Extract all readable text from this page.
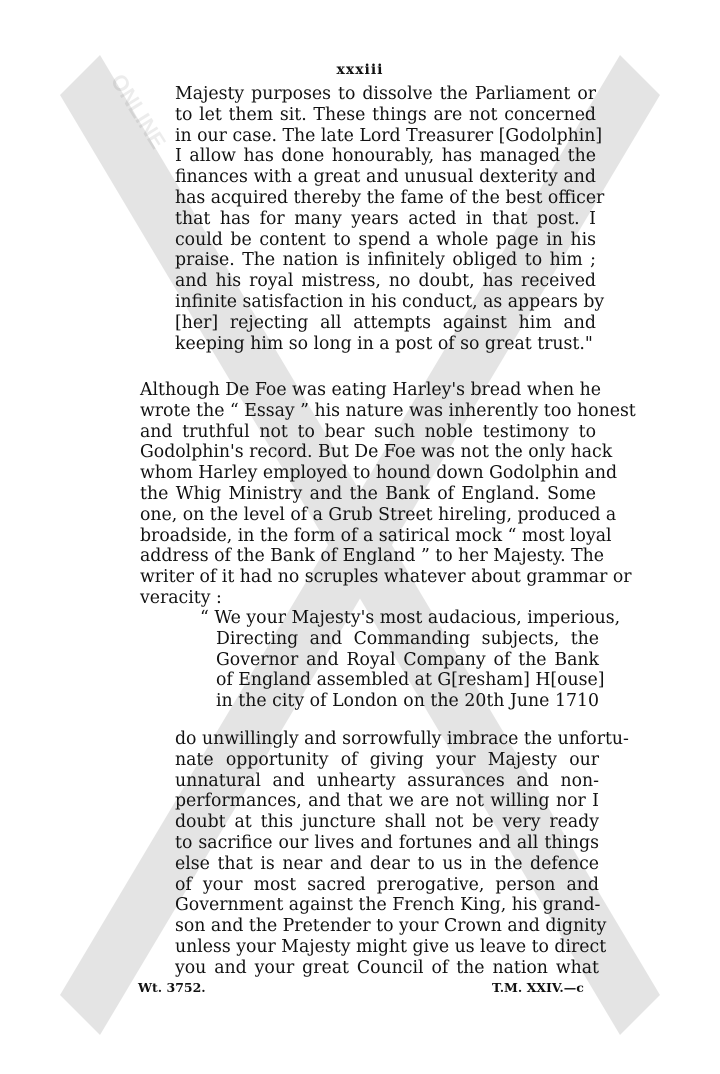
ONLINE	xxxiii
Majesty purposes to dissolve the Parliament or
to let them sit. These things are not concerned
in our case. The late Lord Treasurer [Godolphin]
I allow has done honourably, has managed the
finances with a great and unusual dexterity and
has acquired thereby the fame of the best officer
that has for many years acted in that post. I
could be content to spend a whole page in his
praise. The nation is infinitely obliged to him ;
and his royal mistress, no doubt, has received
infinite satisfaction in his conduct, as appears by
[her] rejecting all attempts against him and
keeping him so long in a post of so great trust."
Although De Foe was eating Harley's bread when he
wrote the “ Essay ” his nature was inherently too honest
and truthful not to bear such noble testimony to
Godolphin's record. But De Foe was not the only hack
whom Harley employed to hound down Godolphin and
the Whig Ministry and the Bank of England. Some
one, on the level of a Grub Street hireling, produced a
broadside, in the form of a satirical mock “ most loyal
address of the Bank of England ” to her Majesty. The
writer of it had no scruples whatever about grammar or
veracity :
“ We your Majesty's most audacious, imperious,
Directing and Commanding subjects, the
Governor and Royal Company of the Bank
of England assembled at G[resham] H[ouse]
in the city of London on the 20th June 1710
do unwillingly and sorrowfully imbrace the unfortu-
nate opportunity of giving your Majesty our
unnatural and unhearty assurances and non-
performances, and that we are not willing nor I
doubt at this juncture shall not be very ready
to sacrifice our lives and fortunes and all things
else that is near and dear to us in the defence
of your most sacred prerogative, person and
Government against the French King, his grand-
son and the Pretender to your Crown and dignity
unless your Majesty might give us leave to direct
you and your great Council of the nation what
Wt. 3752.	T.M. XXIV.—c
